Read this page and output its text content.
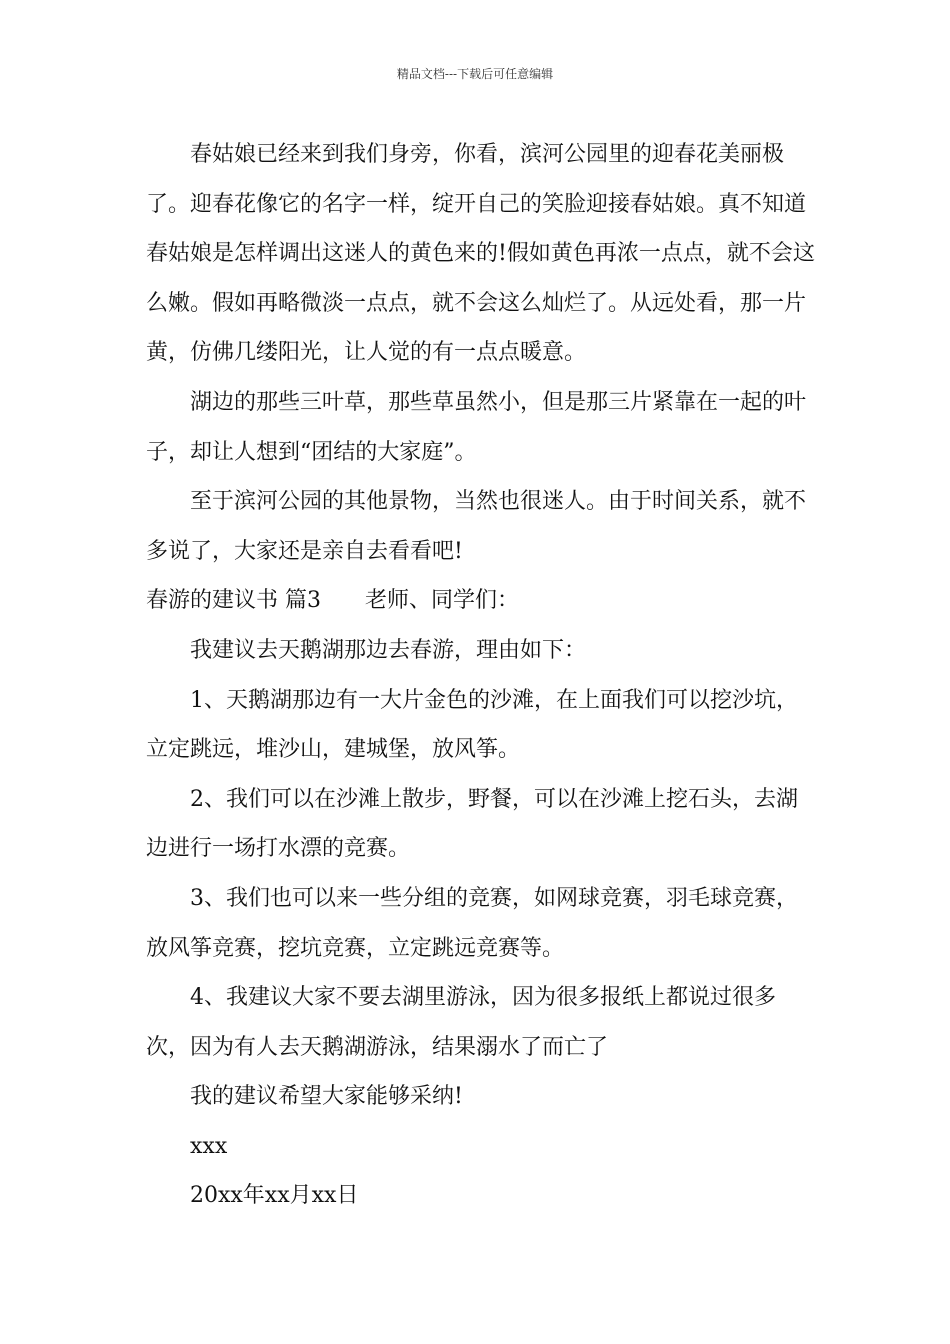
精品文档---下载后可任意编辑

春姑娘已经来到我们身旁，你看，滨河公园里的迎春花美丽极了。迎春花像它的名字一样，绽开自己的笑脸迎接春姑娘。真不知道春姑娘是怎样调出这迷人的黄色来的!假如黄色再浓一点点，就不会这么嫩。假如再略微淡一点点，就不会这么灿烂了。从远处看，那一片黄，仿佛几缕阳光，让人觉的有一点点暖意。

湖边的那些三叶草，那些草虽然小，但是那三片紧靠在一起的叶子，却让人想到“团结的大家庭”。

至于滨河公园的其他景物，当然也很迷人。由于时间关系，就不多说了，大家还是亲自去看看吧!

春游的建议书 篇3 老师、同学们：

我建议去天鹅湖那边去春游，理由如下：

1、天鹅湖那边有一大片金色的沙滩，在上面我们可以挖沙坑，立定跳远，堆沙山，建城堡，放风筝。

2、我们可以在沙滩上散步，野餐，可以在沙滩上挖石头，去湖边进行一场打水漂的竞赛。

3、我们也可以来一些分组的竞赛，如网球竞赛，羽毛球竞赛，放风筝竞赛，挖坑竞赛，立定跳远竞赛等。

4、我建议大家不要去湖里游泳，因为很多报纸上都说过很多次，因为有人去天鹅湖游泳，结果溺水了而亡了

我的建议希望大家能够采纳!

xxx

20xx年xx月xx日
